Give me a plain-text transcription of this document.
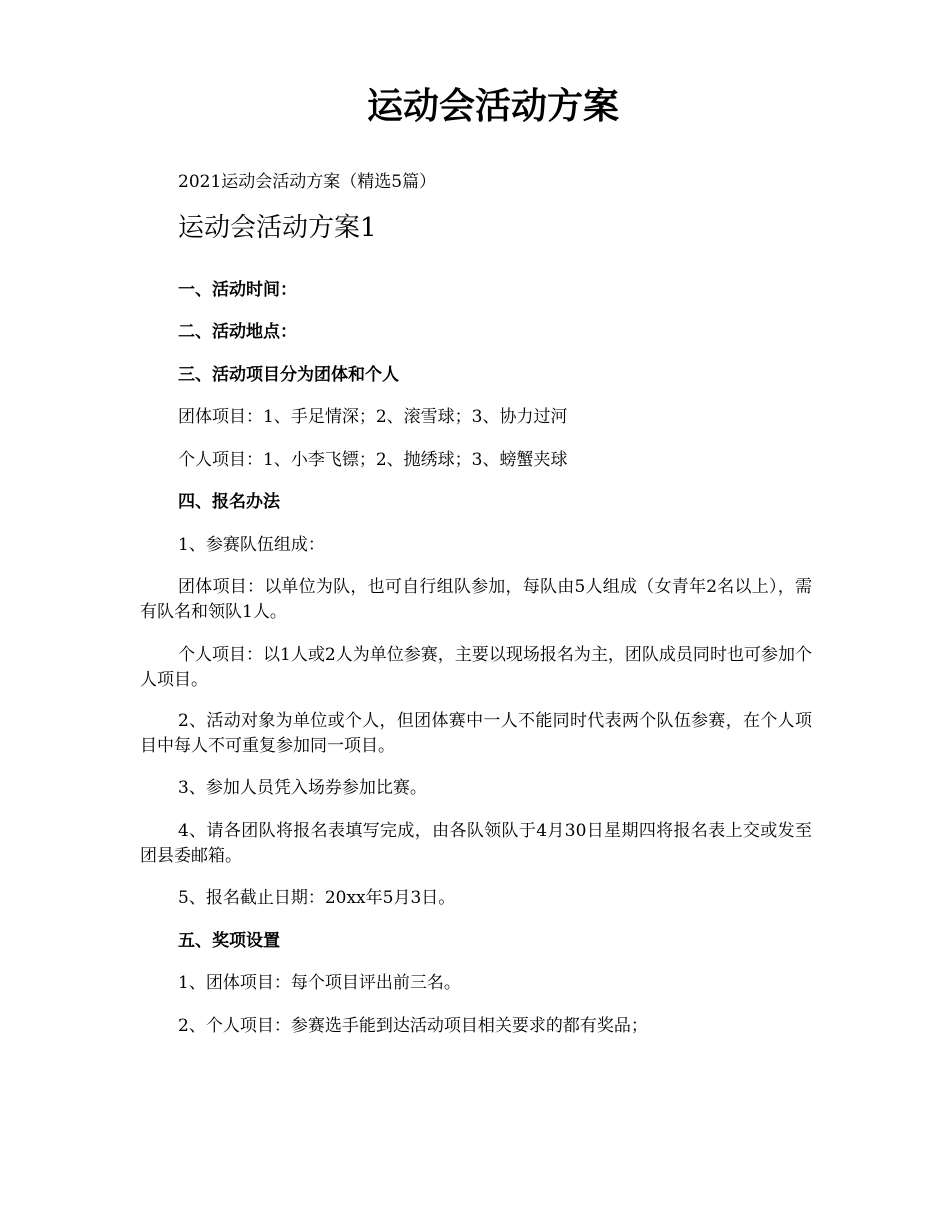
运动会活动方案

2021运动会活动方案（精选5篇）

运动会活动方案1

一、活动时间：

二、活动地点：

三、活动项目分为团体和个人

团体项目：1、手足情深；2、滚雪球；3、协力过河

个人项目：1、小李飞镖；2、抛绣球；3、螃蟹夹球

四、报名办法

1、参赛队伍组成：

团体项目：以单位为队，也可自行组队参加，每队由5人组成（女青年2名以上），需有队名和领队1人。

个人项目：以1人或2人为单位参赛，主要以现场报名为主，团队成员同时也可参加个人项目。

2、活动对象为单位或个人，但团体赛中一人不能同时代表两个队伍参赛，在个人项目中每人不可重复参加同一项目。

3、参加人员凭入场券参加比赛。

4、请各团队将报名表填写完成，由各队领队于4月30日星期四将报名表上交或发至团县委邮箱。

5、报名截止日期：20xx年5月3日。

五、奖项设置

1、团体项目：每个项目评出前三名。

2、个人项目：参赛选手能到达活动项目相关要求的都有奖品；
